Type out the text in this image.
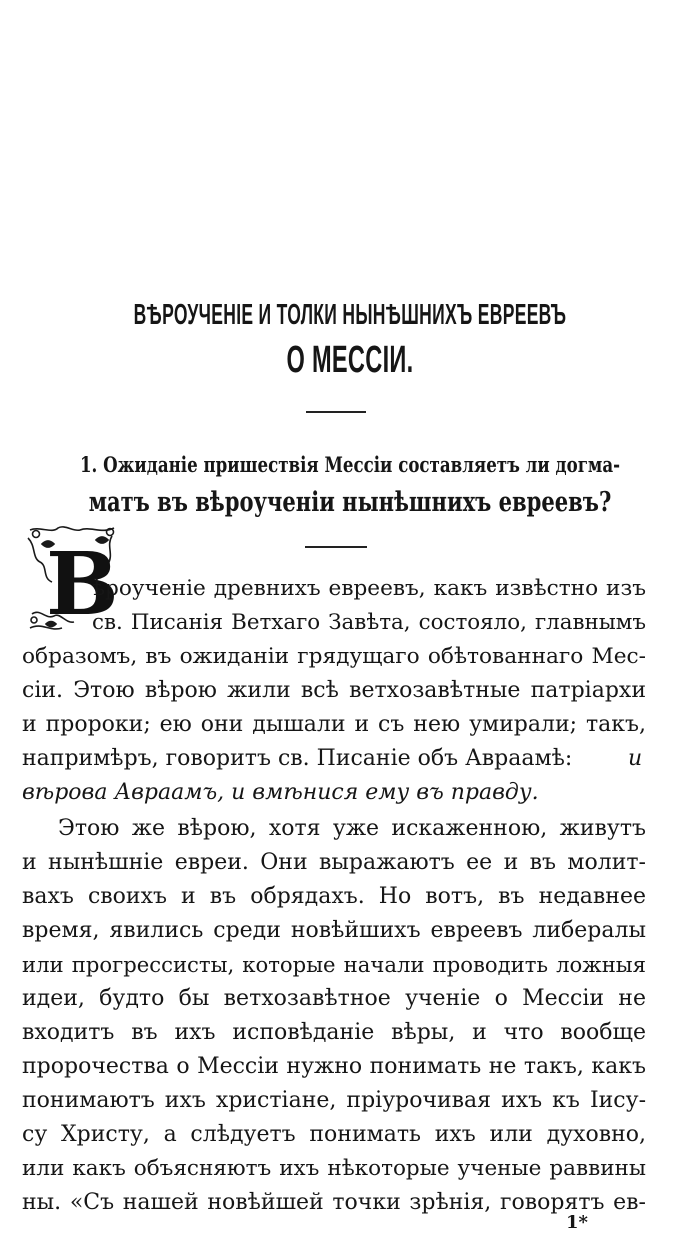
ВѢРОУЧЕНІЕ И ТОЛКИ НЫНѢШНИХЪ ЕВРЕЕВЪ
О МЕССІИ.
1. Ожиданіе пришествія Мессіи составляетъ ли догма-
матъ въ вѣроученіи нынѣшнихъ евреевъ?
В
ѣроученіе древнихъ евреевъ, какъ извѣстно изъ
св. Писанія Ветхаго Завѣта, состояло, главнымъ
образомъ, въ ожиданіи грядущаго обѣтованнаго Мес-
сіи. Этою вѣрою жили всѣ ветхозавѣтные патріархи
и пророки; ею они дышали и съ нею умирали; такъ,
напримѣръ, говоритъ св. Писаніе объ Авраамѣ:	и
вѣрова Авраамъ, и вмѣнися ему въ правду.
Этою же вѣрою, хотя уже искаженною, живутъ
и нынѣшніе евреи. Они выражаютъ ее и въ молит-
вахъ своихъ и въ обрядахъ. Но вотъ, въ недавнее
время, явились среди новѣйшихъ евреевъ либералы
или прогрессисты, которые начали проводить ложныя
идеи, будто бы ветхозавѣтное ученіе о Мессіи не
входитъ въ ихъ исповѣданіе вѣры, и что вообще
пророчества о Мессіи нужно понимать не такъ, какъ
понимаютъ ихъ христіане, пріурочивая ихъ къ Іису-
су Христу, а слѣдуетъ понимать ихъ или духовно,
или какъ объясняютъ ихъ нѣкоторые ученые раввины
ны. «Съ нашей новѣйшей точки зрѣнія, говорятъ ев-
1*
